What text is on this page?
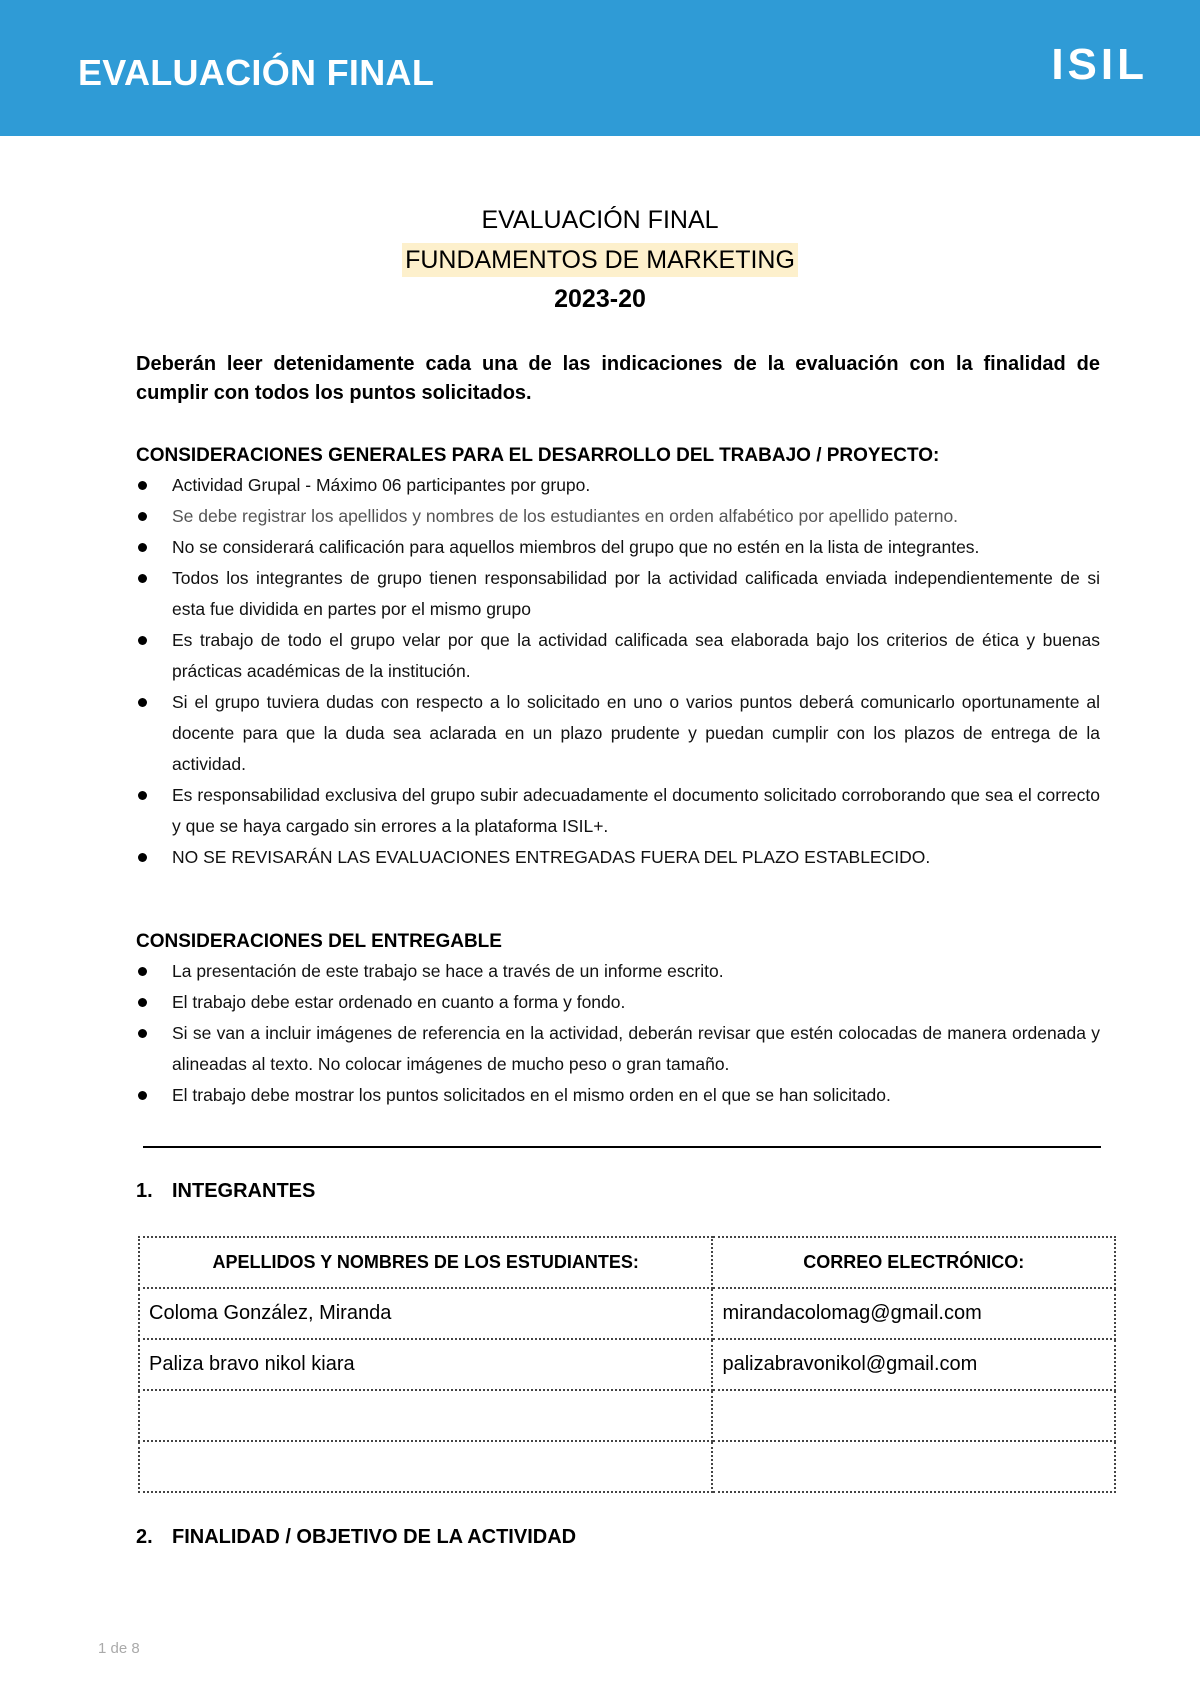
EVALUACIÓN FINAL	ISIL
EVALUACIÓN FINAL
FUNDAMENTOS DE MARKETING
2023-20
Deberán leer detenidamente cada una de las indicaciones de la evaluación con la finalidad de cumplir con todos los puntos solicitados.
CONSIDERACIONES GENERALES PARA EL DESARROLLO DEL TRABAJO / PROYECTO:
Actividad Grupal - Máximo 06 participantes por grupo.
Se debe registrar los apellidos y nombres de los estudiantes en orden alfabético por apellido paterno.
No se considerará calificación para aquellos miembros del grupo que no estén en la lista de integrantes.
Todos los integrantes de grupo tienen responsabilidad por la actividad calificada enviada independientemente de si esta fue dividida en partes por el mismo grupo
Es trabajo de todo el grupo velar por que la actividad calificada sea elaborada bajo los criterios de ética y buenas prácticas académicas de la institución.
Si el grupo tuviera dudas con respecto a lo solicitado en uno o varios puntos deberá comunicarlo oportunamente al docente para que la duda sea aclarada en un plazo prudente y puedan cumplir con los plazos de entrega de la actividad.
Es responsabilidad exclusiva del grupo subir adecuadamente el documento solicitado corroborando que sea el correcto y que se haya cargado sin errores a la plataforma ISIL+.
NO SE REVISARÁN LAS EVALUACIONES ENTREGADAS FUERA DEL PLAZO ESTABLECIDO.
CONSIDERACIONES DEL ENTREGABLE
La presentación de este trabajo se hace a través de un informe escrito.
El trabajo debe estar ordenado en cuanto a forma y fondo.
Si se van a incluir imágenes de referencia en la actividad, deberán revisar que estén colocadas de manera ordenada y alineadas al texto. No colocar imágenes de mucho peso o gran tamaño.
El trabajo debe mostrar los puntos solicitados en el mismo orden en el que se han solicitado.
1. INTEGRANTES
APELLIDOS Y NOMBRES DE LOS ESTUDIANTES:	CORREO ELECTRÓNICO:
Coloma González, Miranda	mirandacolomag@gmail.com
Paliza bravo nikol kiara	palizabravonikol@gmail.com

2. FINALIDAD / OBJETIVO DE LA ACTIVIDAD
1 de 8
